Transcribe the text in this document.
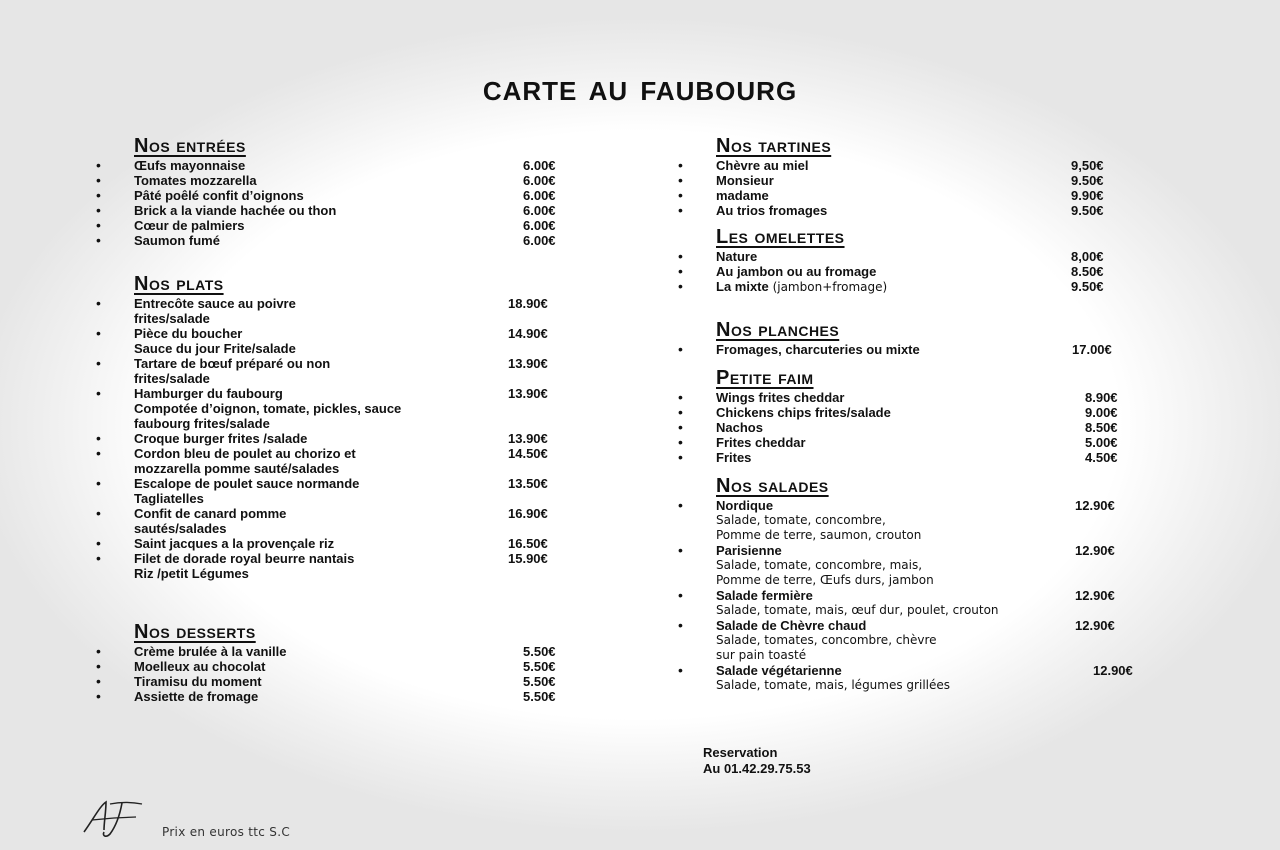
CARTE AU FAUBOURG
Nos entrées
•	Œufs mayonnaise	6.00€
•	Tomates mozzarella	6.00€
•	Pâté poêlé confit d’oignons	6.00€
•	Brick a la viande hachée ou thon	6.00€
•	Cœur de palmiers	6.00€
•	Saumon fumé	6.00€
Nos plats
•	Entrecôte sauce au poivre
frites/salade
18.90€
•	Pièce du boucher
Sauce du jour Frite/salade
14.90€
•	Tartare de bœuf préparé ou non
frites/salade
13.90€
•	Hamburger du faubourg
Compotée d’oignon, tomate, pickles, sauce
faubourg frites/salade
13.90€
•	Croque burger frites /salade	13.90€
•	Cordon bleu de poulet au chorizo et
mozzarella pomme sauté/salades
14.50€
•	Escalope de poulet sauce normande
Tagliatelles
13.50€
•	Confit de canard pomme
sautés/salades
16.90€
•	Saint jacques a la provençale riz	16.50€
•	Filet de dorade royal beurre nantais
Riz /petit Légumes
15.90€
Nos desserts
•	Crème brulée à la vanille	5.50€
•	Moelleux au chocolat	5.50€
•	Tiramisu du moment	5.50€
•	Assiette de fromage	5.50€
Nos tartines
•	Chèvre au miel	9,50€
•	Monsieur	9.50€
•	madame	9.90€
•	Au trios fromages	9.50€
Les omelettes
•	Nature	8,00€
•	Au jambon ou au fromage	8.50€
•	La mixte (jambon+fromage)	9.50€
Nos planches
•	Fromages, charcuteries ou mixte	17.00€
Petite faim
•	Wings frites cheddar	8.90€
•	Chickens chips frites/salade	9.00€
•	Nachos	8.50€
•	Frites cheddar	5.00€
•	Frites	4.50€
Nos salades
•	Nordique
Salade, tomate, concombre,
Pomme de terre, saumon, crouton
12.90€
•	Parisienne
Salade, tomate, concombre, mais,
Pomme de terre, Œufs durs, jambon
12.90€
•	Salade fermière
Salade, tomate, mais, œuf dur, poulet, crouton
12.90€
•	Salade de Chèvre chaud
Salade, tomates, concombre, chèvre
sur pain toasté
12.90€
•	Salade végétarienne
Salade, tomate, mais, légumes grillées
12.90€
Reservation
Au 01.42.29.75.53
Prix en euros ttc S.C
